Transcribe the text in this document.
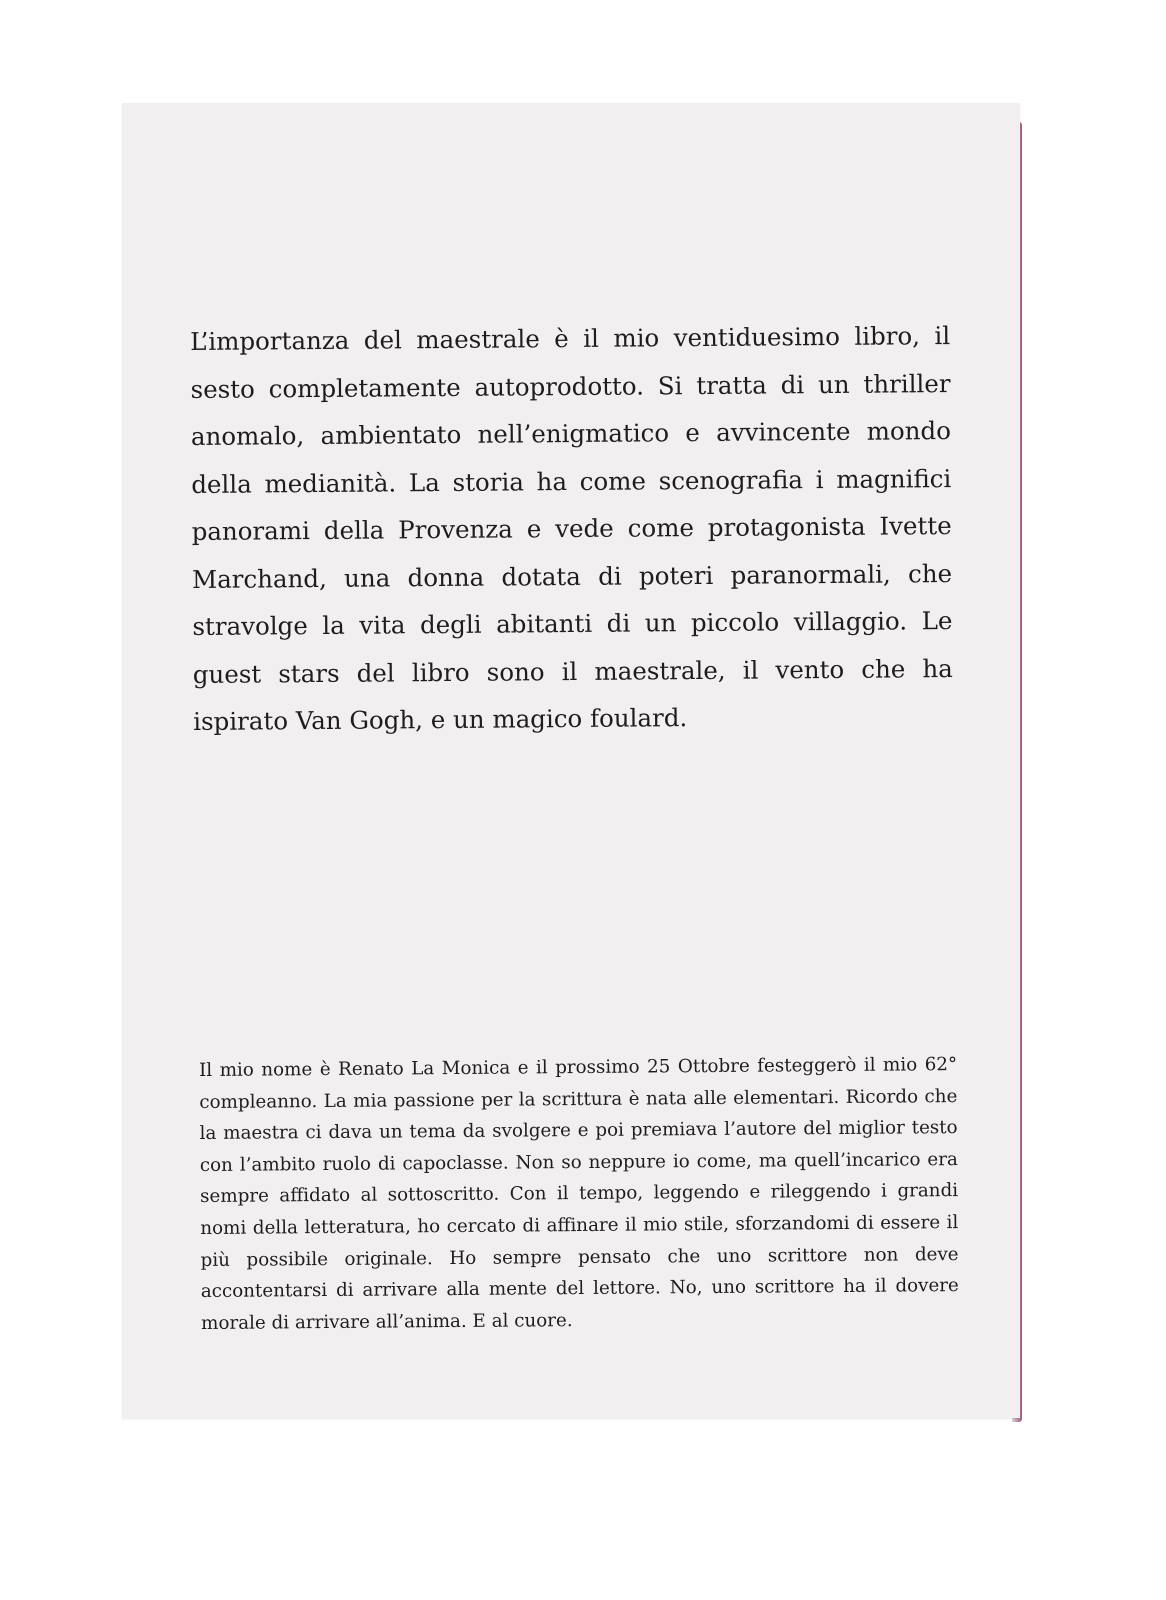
L’importanza del maestrale è il mio ventiduesimo libro, il sesto completamente autoprodotto. Si tratta di un thriller anomalo, ambientato nell’enigmatico e avvincente mondo della medianità. La storia ha come scenografia i magnifici panorami della Provenza e vede come protagonista Ivette Marchand, una donna dotata di poteri paranormali, che stravolge la vita degli abitanti di un piccolo villaggio. Le guest stars del libro sono il maestrale, il vento che ha ispirato Van Gogh, e un magico foulard.

Il mio nome è Renato La Monica e il prossimo 25 Ottobre festeggerò il mio 62° compleanno. La mia passione per la scrittura è nata alle elementari. Ricordo che la maestra ci dava un tema da svolgere e poi premiava l’autore del miglior testo con l’ambito ruolo di capoclasse. Non so neppure io come, ma quell’incarico era sempre affidato al sottoscritto. Con il tempo, leggendo e rileggendo i grandi nomi della letteratura, ho cercato di affinare il mio stile, sforzandomi di essere il più possibile originale. Ho sempre pensato che uno scrittore non deve accontentarsi di arrivare alla mente del lettore. No, uno scrittore ha il dovere morale di arrivare all’anima. E al cuore.
